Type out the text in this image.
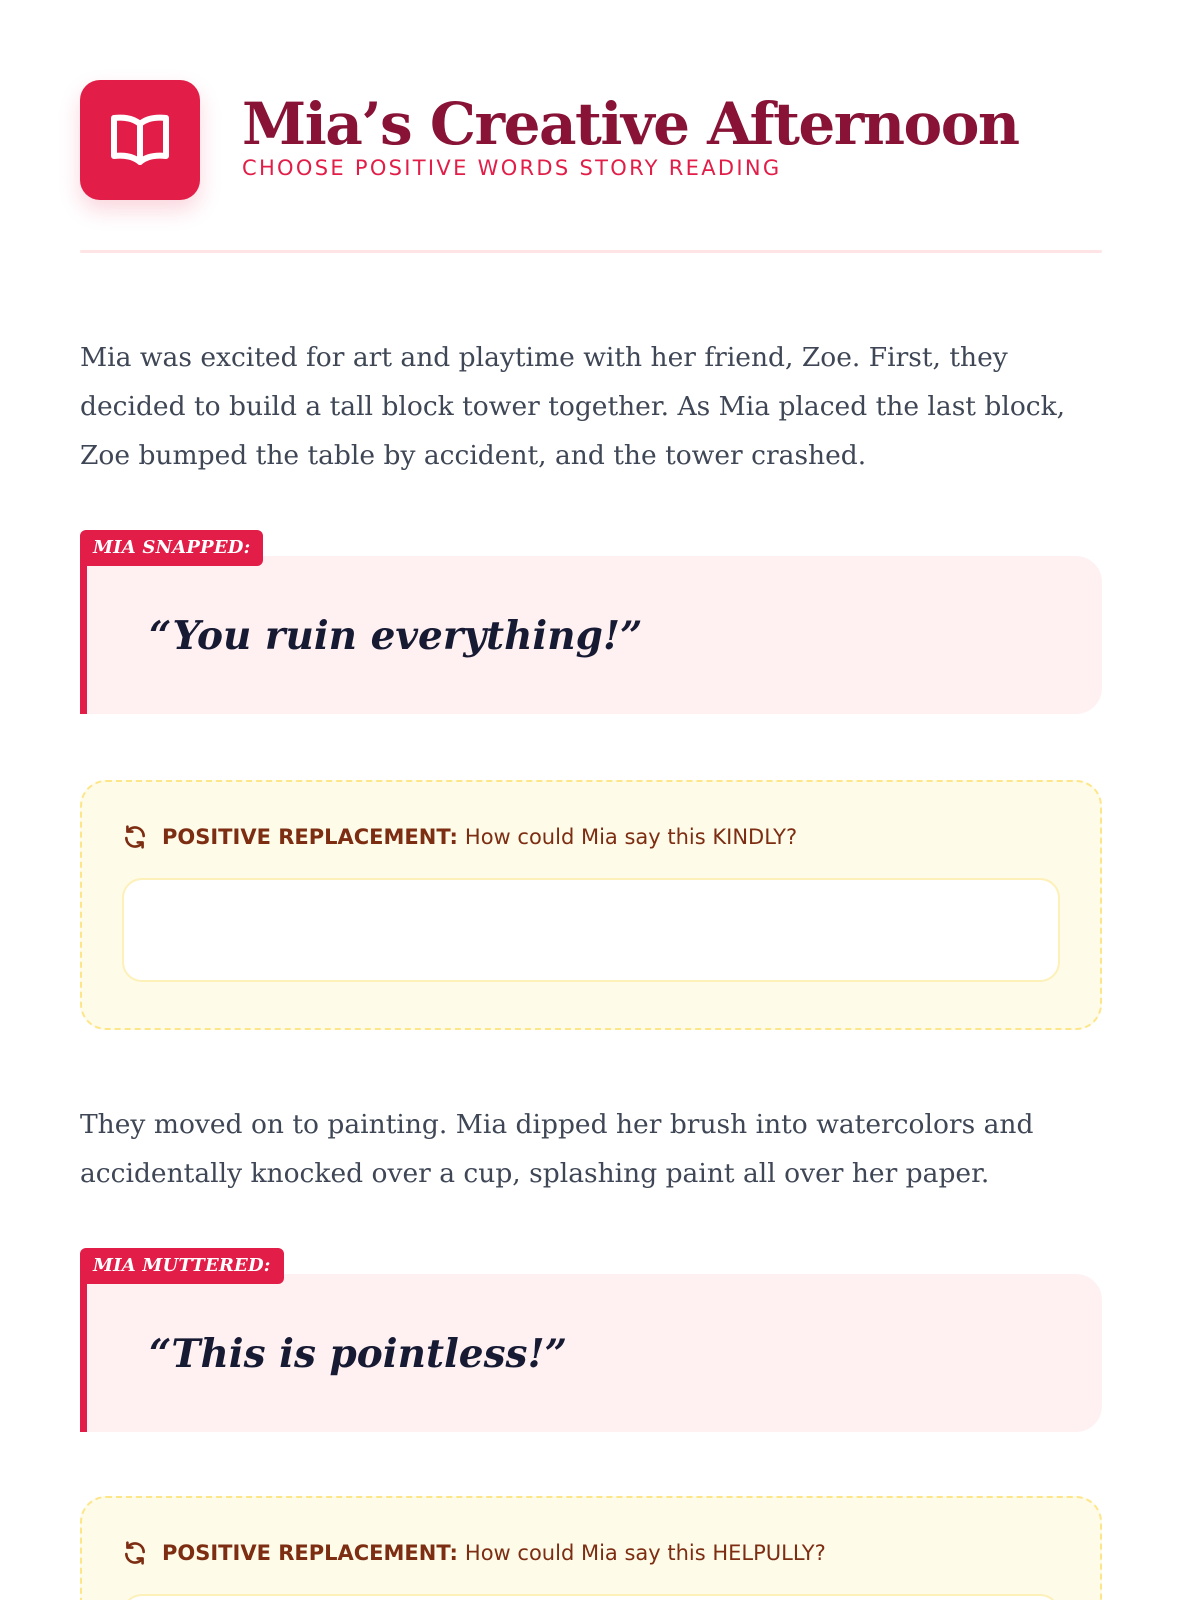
Mia’s Creative Afternoon
CHOOSE POSITIVE WORDS STORY READING

Mia was excited for art and playtime with her friend, Zoe. First, they decided to build a tall block tower together. As Mia placed the last block, Zoe bumped the table by accident, and the tower crashed.

MIA SNAPPED:
“You ruin everything!”
POSITIVE REPLACEMENT: How could Mia say this KINDLY?

They moved on to painting. Mia dipped her brush into watercolors and accidentally knocked over a cup, splashing paint all over her paper.

MIA MUTTERED:
“This is pointless!”
POSITIVE REPLACEMENT: How could Mia say this HELPULLY?
